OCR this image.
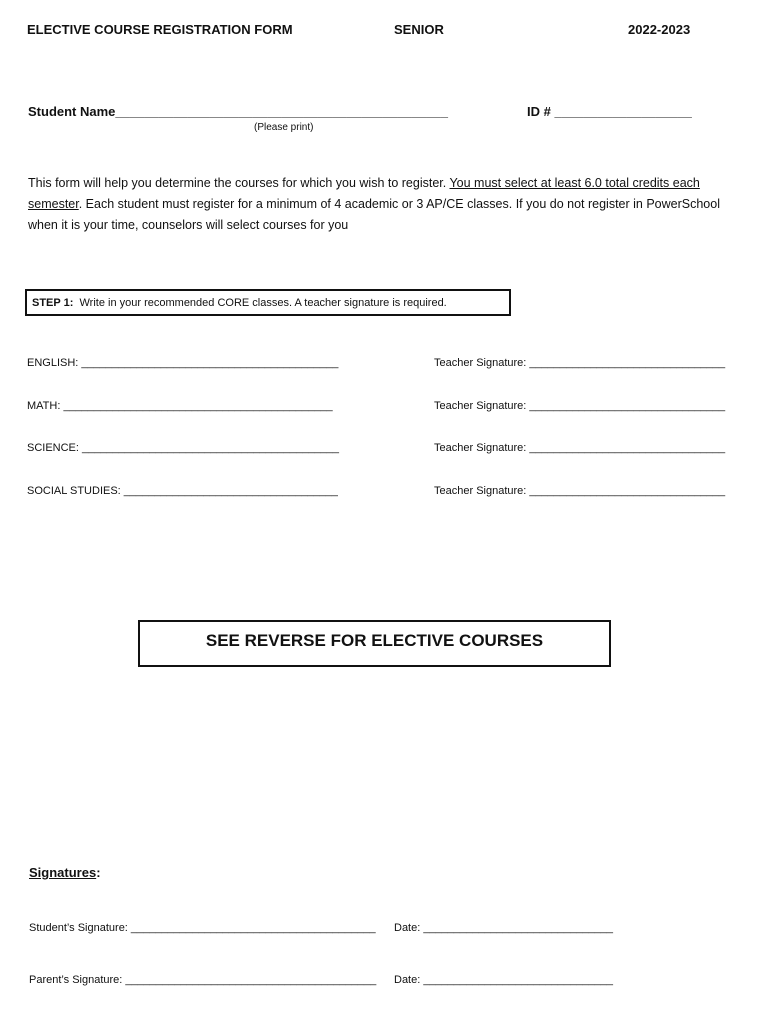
ELECTIVE COURSE REGISTRATION FORM	SENIOR	2022-2023
Student Name______________________________________________	ID # ___________________
(Please print)
This form will help you determine the courses for which you wish to register. You must select at least 6.0 total credits each semester. Each student must register for a minimum of 4 academic or 3 AP/CE classes. If you do not register in PowerSchool when it is your time, counselors will select courses for you
STEP 1: Write in your recommended CORE classes. A teacher signature is required.
ENGLISH: __________________________________________	Teacher Signature: ________________________________
MATH: ____________________________________________	Teacher Signature: ________________________________
SCIENCE: __________________________________________	Teacher Signature: ________________________________
SOCIAL STUDIES: ___________________________________	Teacher Signature: ________________________________
SEE REVERSE FOR ELECTIVE COURSES
Signatures:
Student’s Signature: ________________________________________ Date: _______________________________
Parent’s Signature: _________________________________________ Date: _______________________________
